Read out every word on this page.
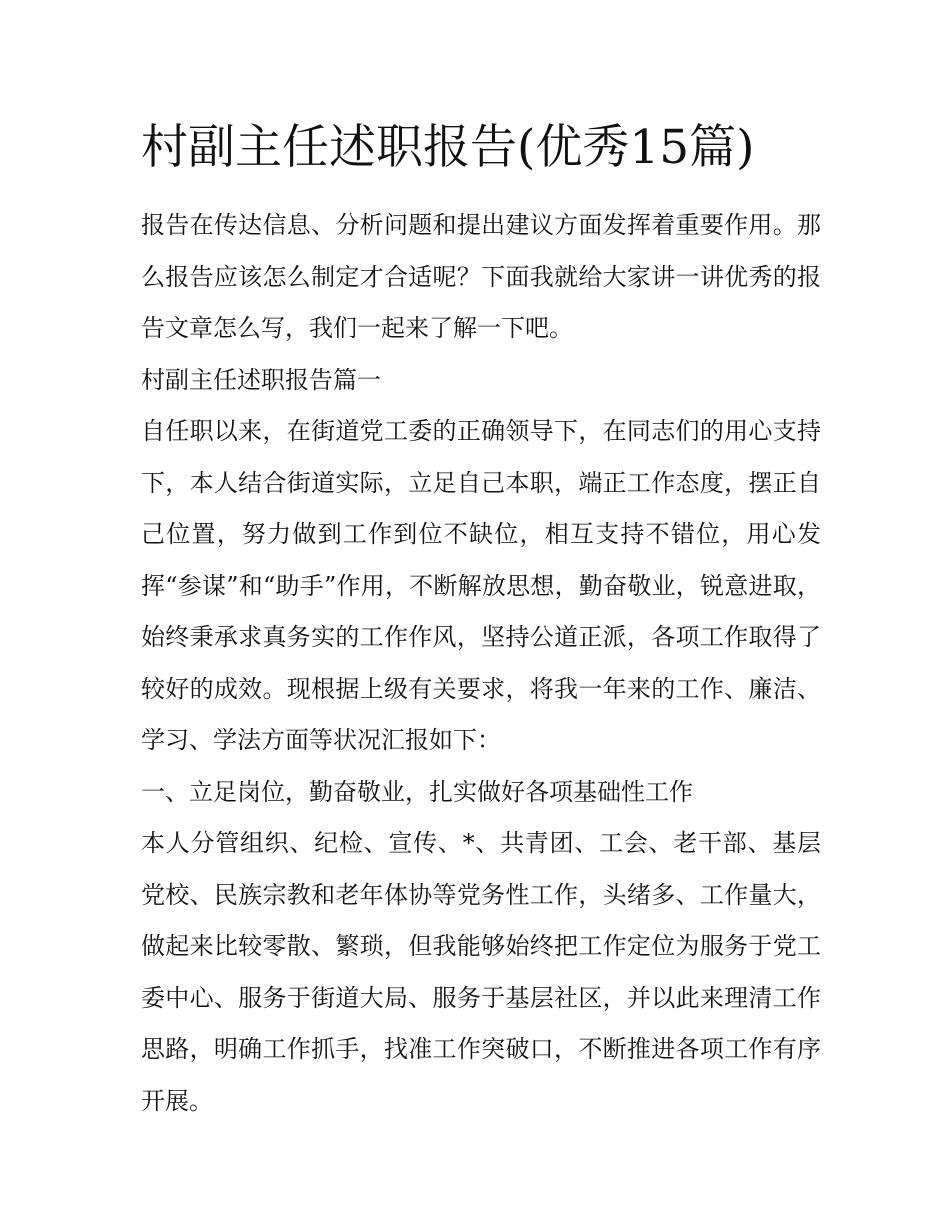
村副主任述职报告(优秀15篇)

报告在传达信息、分析问题和提出建议方面发挥着重要作用。那么报告应该怎么制定才合适呢？下面我就给大家讲一讲优秀的报告文章怎么写，我们一起来了解一下吧。

村副主任述职报告篇一

自任职以来，在街道党工委的正确领导下，在同志们的用心支持下，本人结合街道实际，立足自己本职，端正工作态度，摆正自己位置，努力做到工作到位不缺位，相互支持不错位，用心发挥“参谋”和“助手”作用，不断解放思想，勤奋敬业，锐意进取，始终秉承求真务实的工作作风，坚持公道正派，各项工作取得了较好的成效。现根据上级有关要求，将我一年来的工作、廉洁、学习、学法方面等状况汇报如下：

一、立足岗位，勤奋敬业，扎实做好各项基础性工作

本人分管组织、纪检、宣传、*、共青团、工会、老干部、基层党校、民族宗教和老年体协等党务性工作，头绪多、工作量大，做起来比较零散、繁琐，但我能够始终把工作定位为服务于党工委中心、服务于街道大局、服务于基层社区，并以此来理清工作思路，明确工作抓手，找准工作突破口，不断推进各项工作有序开展。
